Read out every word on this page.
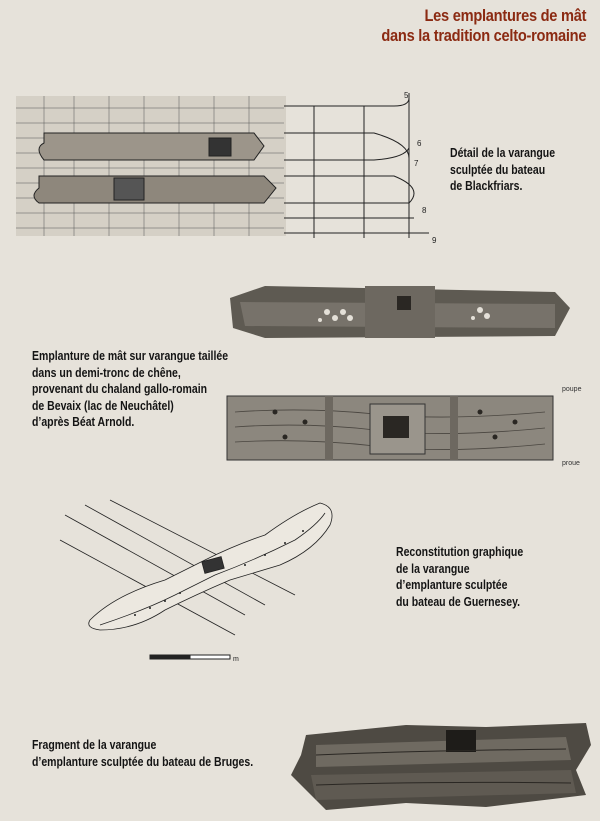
Les emplantures de mât
dans la tradition celto-romaine
5
6
7
8
9
Détail de la varangue
sculptée du bateau
de Blackfriars.
poupe
proue
Emplanture de mât sur varangue taillée
dans un demi-tronc de chêne,
provenant du chaland gallo-romain
de Bevaix (lac de Neuchâtel)
d’après Béat Arnold.
m
Reconstitution graphique
de la varangue
d’emplanture sculptée
du bateau de Guernesey.
Fragment de la varangue
d’emplanture sculptée du bateau de Bruges.
